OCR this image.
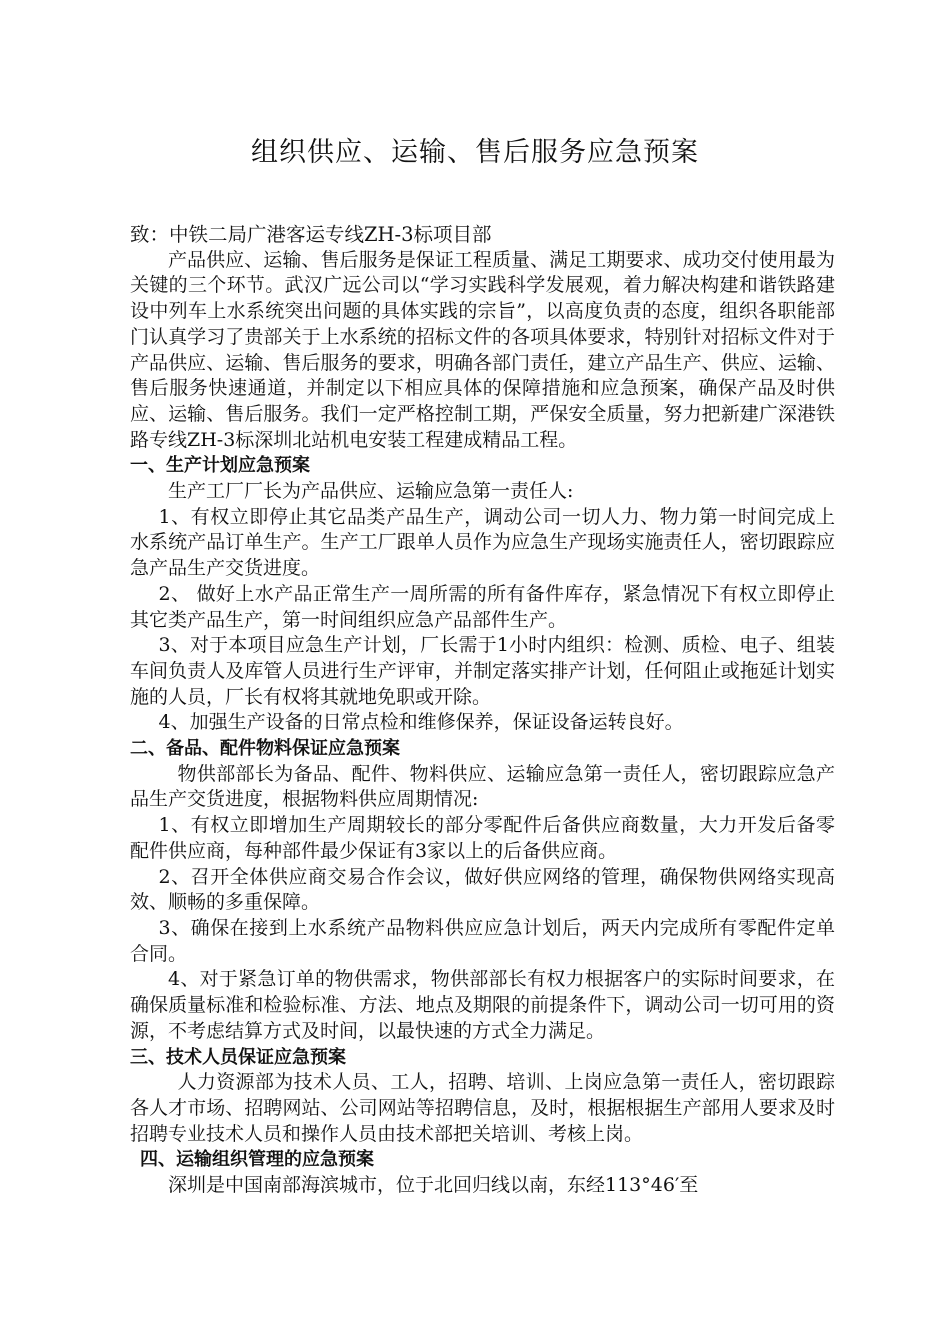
组织供应、运输、售后服务应急预案

致：中铁二局广港客运专线ZH-3标项目部

产品供应、运输、售后服务是保证工程质量、满足工期要求、成功交付使用最为关键的三个环节。武汉广远公司以“学习实践科学发展观，着力解决构建和谐铁路建设中列车上水系统突出问题的具体实践的宗旨”，以高度负责的态度，组织各职能部门认真学习了贵部关于上水系统的招标文件的各项具体要求，特别针对招标文件对于产品供应、运输、售后服务的要求，明确各部门责任，建立产品生产、供应、运输、售后服务快速通道，并制定以下相应具体的保障措施和应急预案，确保产品及时供应、运输、售后服务。我们一定严格控制工期，严保安全质量，努力把新建广深港铁路专线ZH-3标深圳北站机电安装工程建成精品工程。

一、生产计划应急预案

生产工厂厂长为产品供应、运输应急第一责任人:

1、有权立即停止其它品类产品生产，调动公司一切人力、物力第一时间完成上水系统产品订单生产。生产工厂跟单人员作为应急生产现场实施责任人，密切跟踪应急产品生产交货进度。

2、 做好上水产品正常生产一周所需的所有备件库存，紧急情况下有权立即停止其它类产品生产，第一时间组织应急产品部件生产。

3、对于本项目应急生产计划，厂长需于1小时内组织：检测、质检、电子、组装车间负责人及库管人员进行生产评审，并制定落实排产计划，任何阻止或拖延计划实施的人员，厂长有权将其就地免职或开除。

4、加强生产设备的日常点检和维修保养，保证设备运转良好。

二、备品、配件物料保证应急预案

物供部部长为备品、配件、物料供应、运输应急第一责任人，密切跟踪应急产品生产交货进度，根据物料供应周期情况:

1、有权立即增加生产周期较长的部分零配件后备供应商数量，大力开发后备零配件供应商，每种部件最少保证有3家以上的后备供应商。

2、召开全体供应商交易合作会议，做好供应网络的管理，确保物供网络实现高效、顺畅的多重保障。

3、确保在接到上水系统产品物料供应应急计划后，两天内完成所有零配件定单合同。

4、对于紧急订单的物供需求，物供部部长有权力根据客户的实际时间要求，在确保质量标准和检验标准、方法、地点及期限的前提条件下，调动公司一切可用的资源，不考虑结算方式及时间，以最快速的方式全力满足。

三、技术人员保证应急预案

人力资源部为技术人员、工人，招聘、培训、上岗应急第一责任人，密切跟踪各人才市场、招聘网站、公司网站等招聘信息，及时，根据根据生产部用人要求及时招聘专业技术人员和操作人员由技术部把关培训、考核上岗。

四、运输组织管理的应急预案

深圳是中国南部海滨城市，位于北回归线以南，东经113°46′至
